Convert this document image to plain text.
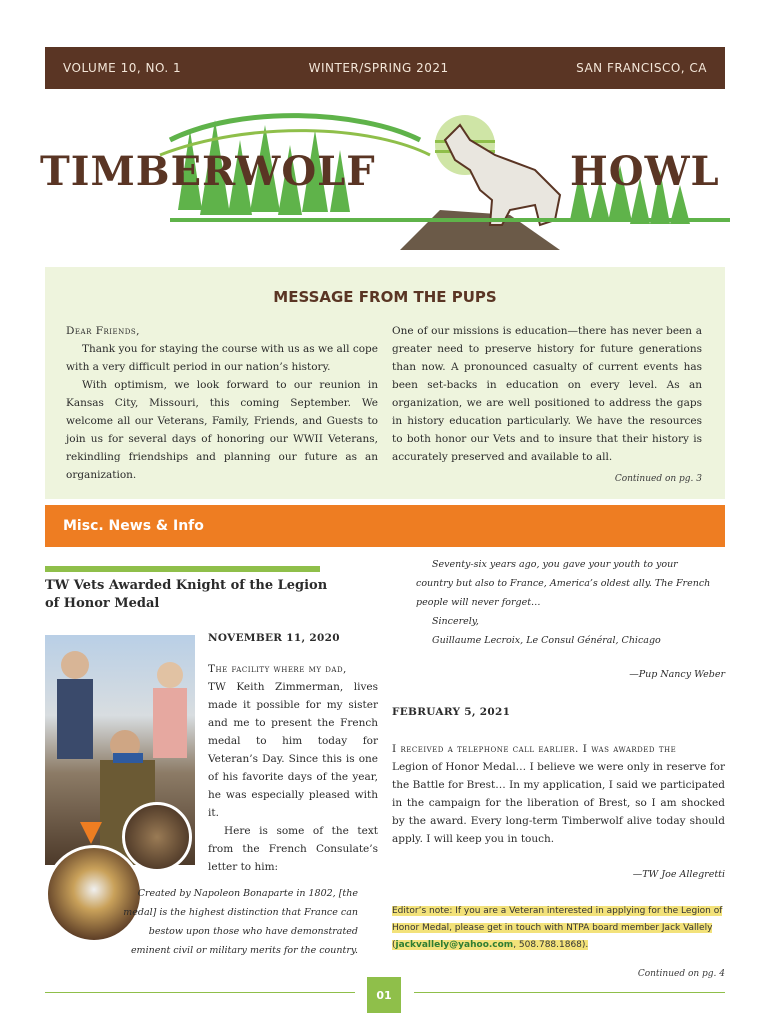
VOLUME 10, NO. 1	WINTER/SPRING 2021	SAN FRANCISCO, CA
TIMBERWOLF	HOWL
MESSAGE FROM THE PUPS

Dear Friends,

Thank you for staying the course with us as we all cope with a very difficult period in our nation’s history.

With optimism, we look forward to our reunion in Kansas City, Missouri, this coming September. We welcome all our Veterans, Family, Friends, and Guests to join us for several days of honoring our WWII Veterans, rekindling friendships and planning our future as an organization.

One of our missions is education—there has never been a greater need to preserve history for future generations than now. A pronounced casualty of current events has been set-backs in education on every level. As an organization, we are well positioned to address the gaps in history education particularly. We have the resources to both honor our Vets and to insure that their history is accurately preserved and available to all.

Continued on pg. 3
Misc. News & Info
TW Vets Awarded Knight of the Legion of Honor Medal
NOVEMBER 11, 2020

The facility where my dad,

TW Keith Zimmerman, lives made it possible for my sister and me to present the French medal to him today for Veteran’s Day. Since this is one of his favorite days of the year, he was especially pleased with it.

Here is some of the text from the French Consulate’s letter to him:

Created by Napoleon Bonaparte in 1802, [the medal] is the highest distinction that France can bestow upon those who have demonstrated eminent civil or military merits for the country.

Seventy-six years ago, you gave your youth to your country but also to France, America’s oldest ally. The French people will never forget…

Sincerely,

Guillaume Lecroix, Le Consul Général, Chicago

—Pup Nancy Weber
FEBRUARY 5, 2021

I received a telephone call earlier. I was awarded the

Legion of Honor Medal… I believe we were only in reserve for the Battle for Brest… In my application, I said we participated in the campaign for the liberation of Brest, so I am shocked by the award. Every long-term Timberwolf alive today should apply. I will keep you in touch.

—TW Joe Allegretti
Editor’s note: If you are a Veteran interested in applying for the Legion of Honor Medal, please get in touch with NTPA board member Jack Vallely (jackvallely@yahoo.com, 508.788.1868).
Continued on pg. 4
01
